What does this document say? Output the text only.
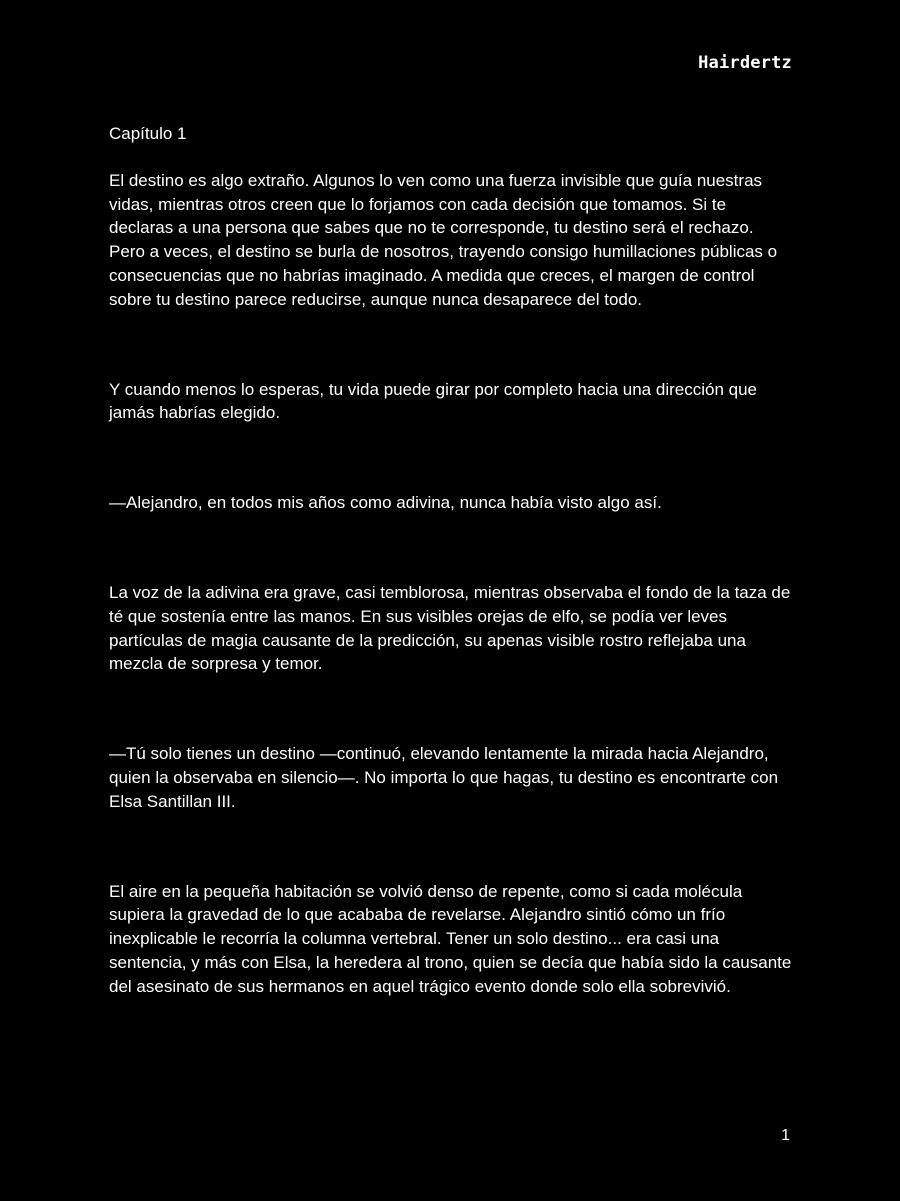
Hairdertz

Capítulo 1

El destino es algo extraño. Algunos lo ven como una fuerza invisible que guía nuestras vidas, mientras otros creen que lo forjamos con cada decisión que tomamos. Si te declaras a una persona que sabes que no te corresponde, tu destino será el rechazo. Pero a veces, el destino se burla de nosotros, trayendo consigo humillaciones públicas o consecuencias que no habrías imaginado. A medida que creces, el margen de control sobre tu destino parece reducirse, aunque nunca desaparece del todo.

Y cuando menos lo esperas, tu vida puede girar por completo hacia una dirección que jamás habrías elegido.

—Alejandro, en todos mis años como adivina, nunca había visto algo así.

La voz de la adivina era grave, casi temblorosa, mientras observaba el fondo de la taza de té que sostenía entre las manos. En sus visibles orejas de elfo, se podía ver leves partículas de magia causante de la predicción, su apenas visible rostro reflejaba una mezcla de sorpresa y temor.

—Tú solo tienes un destino —continuó, elevando lentamente la mirada hacia Alejandro, quien la observaba en silencio—. No importa lo que hagas, tu destino es encontrarte con Elsa Santillan III.

El aire en la pequeña habitación se volvió denso de repente, como si cada molécula supiera la gravedad de lo que acababa de revelarse. Alejandro sintió cómo un frío inexplicable le recorría la columna vertebral. Tener un solo destino... era casi una sentencia, y más con Elsa, la heredera al trono, quien se decía que había sido la causante del asesinato de sus hermanos en aquel trágico evento donde solo ella sobrevivió.

1
